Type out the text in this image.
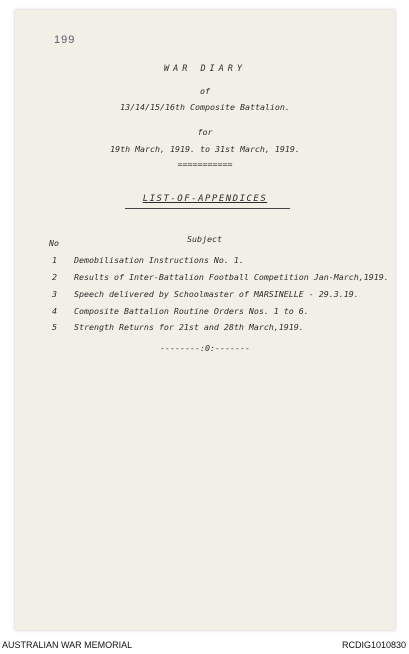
199
WAR DIARY
of
13/14/15/16th Composite Battalion.
for
19th March, 1919. to 31st March, 1919.
===========
LIST-OF-APPENDICES
No	Subject
1 Demobilisation Instructions No. 1.
2 Results of Inter-Battalion Football Competition Jan-March,1919.
3 Speech delivered by Schoolmaster of MARSINELLE - 29.3.19.
4 Composite Battalion Routine Orders Nos. 1 to 6.
5 Strength Returns for 21st and 28th March,1919.
--------:0:-------
AUSTRALIAN WAR MEMORIAL	RCDIG1010830
